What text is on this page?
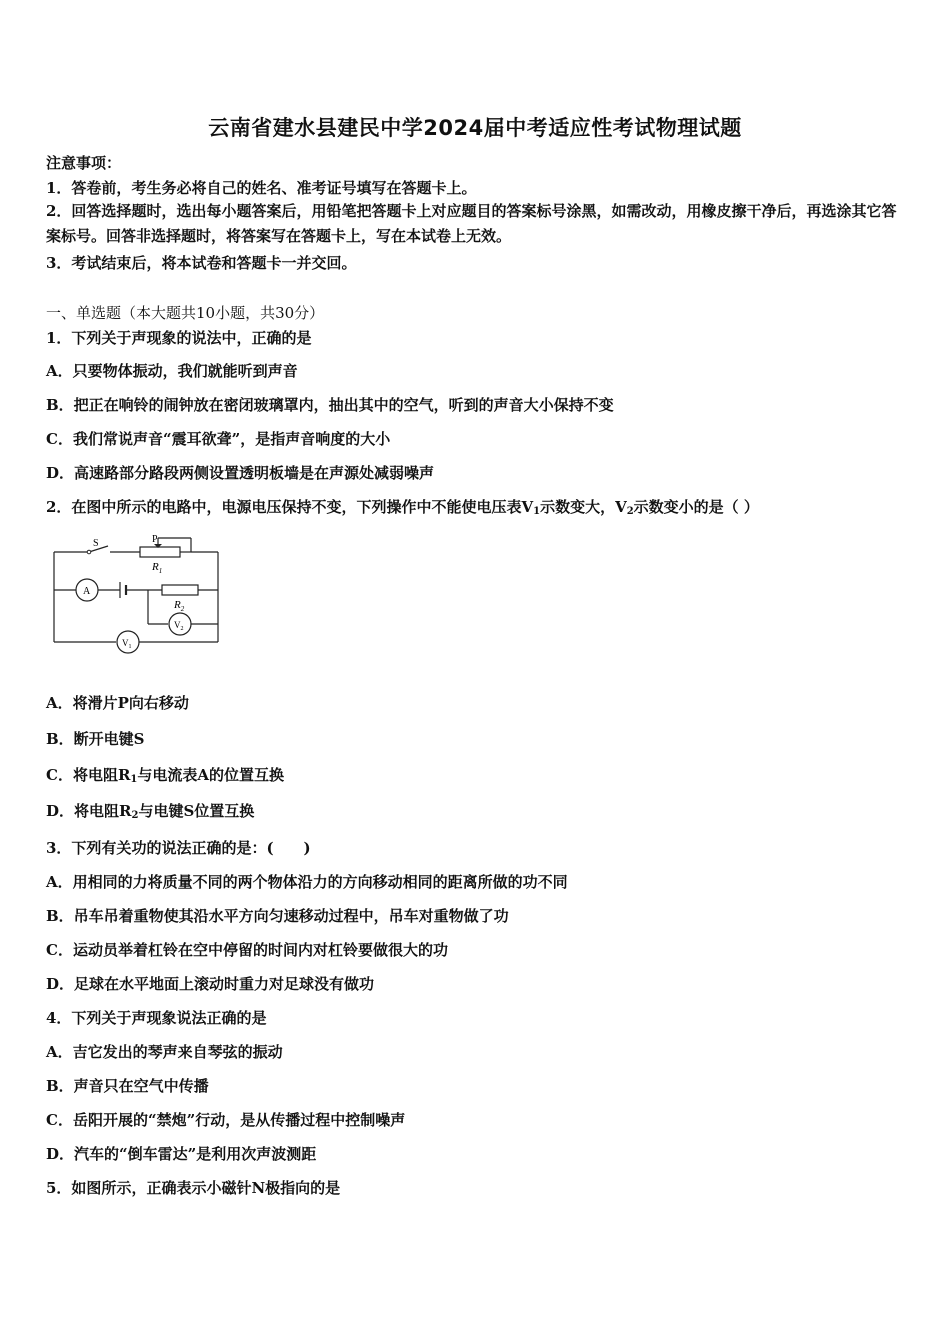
云南省建水县建民中学2024届中考适应性考试物理试题
注意事项：
1．答卷前，考生务必将自己的姓名、准考证号填写在答题卡上。
2．回答选择题时，选出每小题答案后，用铅笔把答题卡上对应题目的答案标号涂黑，如需改动，用橡皮擦干净后，再选涂其它答案标号。回答非选择题时，将答案写在答题卡上，写在本试卷上无效。
3．考试结束后，将本试卷和答题卡一并交回。
一、单选题（本大题共10小题，共30分）
1．下列关于声现象的说法中，正确的是
A．只要物体振动，我们就能听到声音
B．把正在响铃的闹钟放在密闭玻璃罩内，抽出其中的空气，听到的声音大小保持不变
C．我们常说声音“震耳欲聋”，是指声音响度的大小
D．高速路部分路段两侧设置透明板墙是在声源处减弱噪声
2．在图中所示的电路中，电源电压保持不变，下列操作中不能使电压表$V_1$示数变大，$V_2$示数变小的是（ ）
S	P
$R_1$
$R_2$
A
$V_2$
$V_1$
A．将滑片P向右移动
B．断开电键S
C．将电阻$R_1$与电流表A的位置互换
D．将电阻$R_2$与电键S位置互换
3．下列有关功的说法正确的是：(　　)
A．用相同的力将质量不同的两个物体沿力的方向移动相同的距离所做的功不同
B．吊车吊着重物使其沿水平方向匀速移动过程中，吊车对重物做了功
C．运动员举着杠铃在空中停留的时间内对杠铃要做很大的功
D．足球在水平地面上滚动时重力对足球没有做功
4．下列关于声现象说法正确的是
A．吉它发出的琴声来自琴弦的振动
B．声音只在空气中传播
C．岳阳开展的“禁炮”行动，是从传播过程中控制噪声
D．汽车的“倒车雷达”是利用次声波测距
5．如图所示，正确表示小磁针N极指向的是
